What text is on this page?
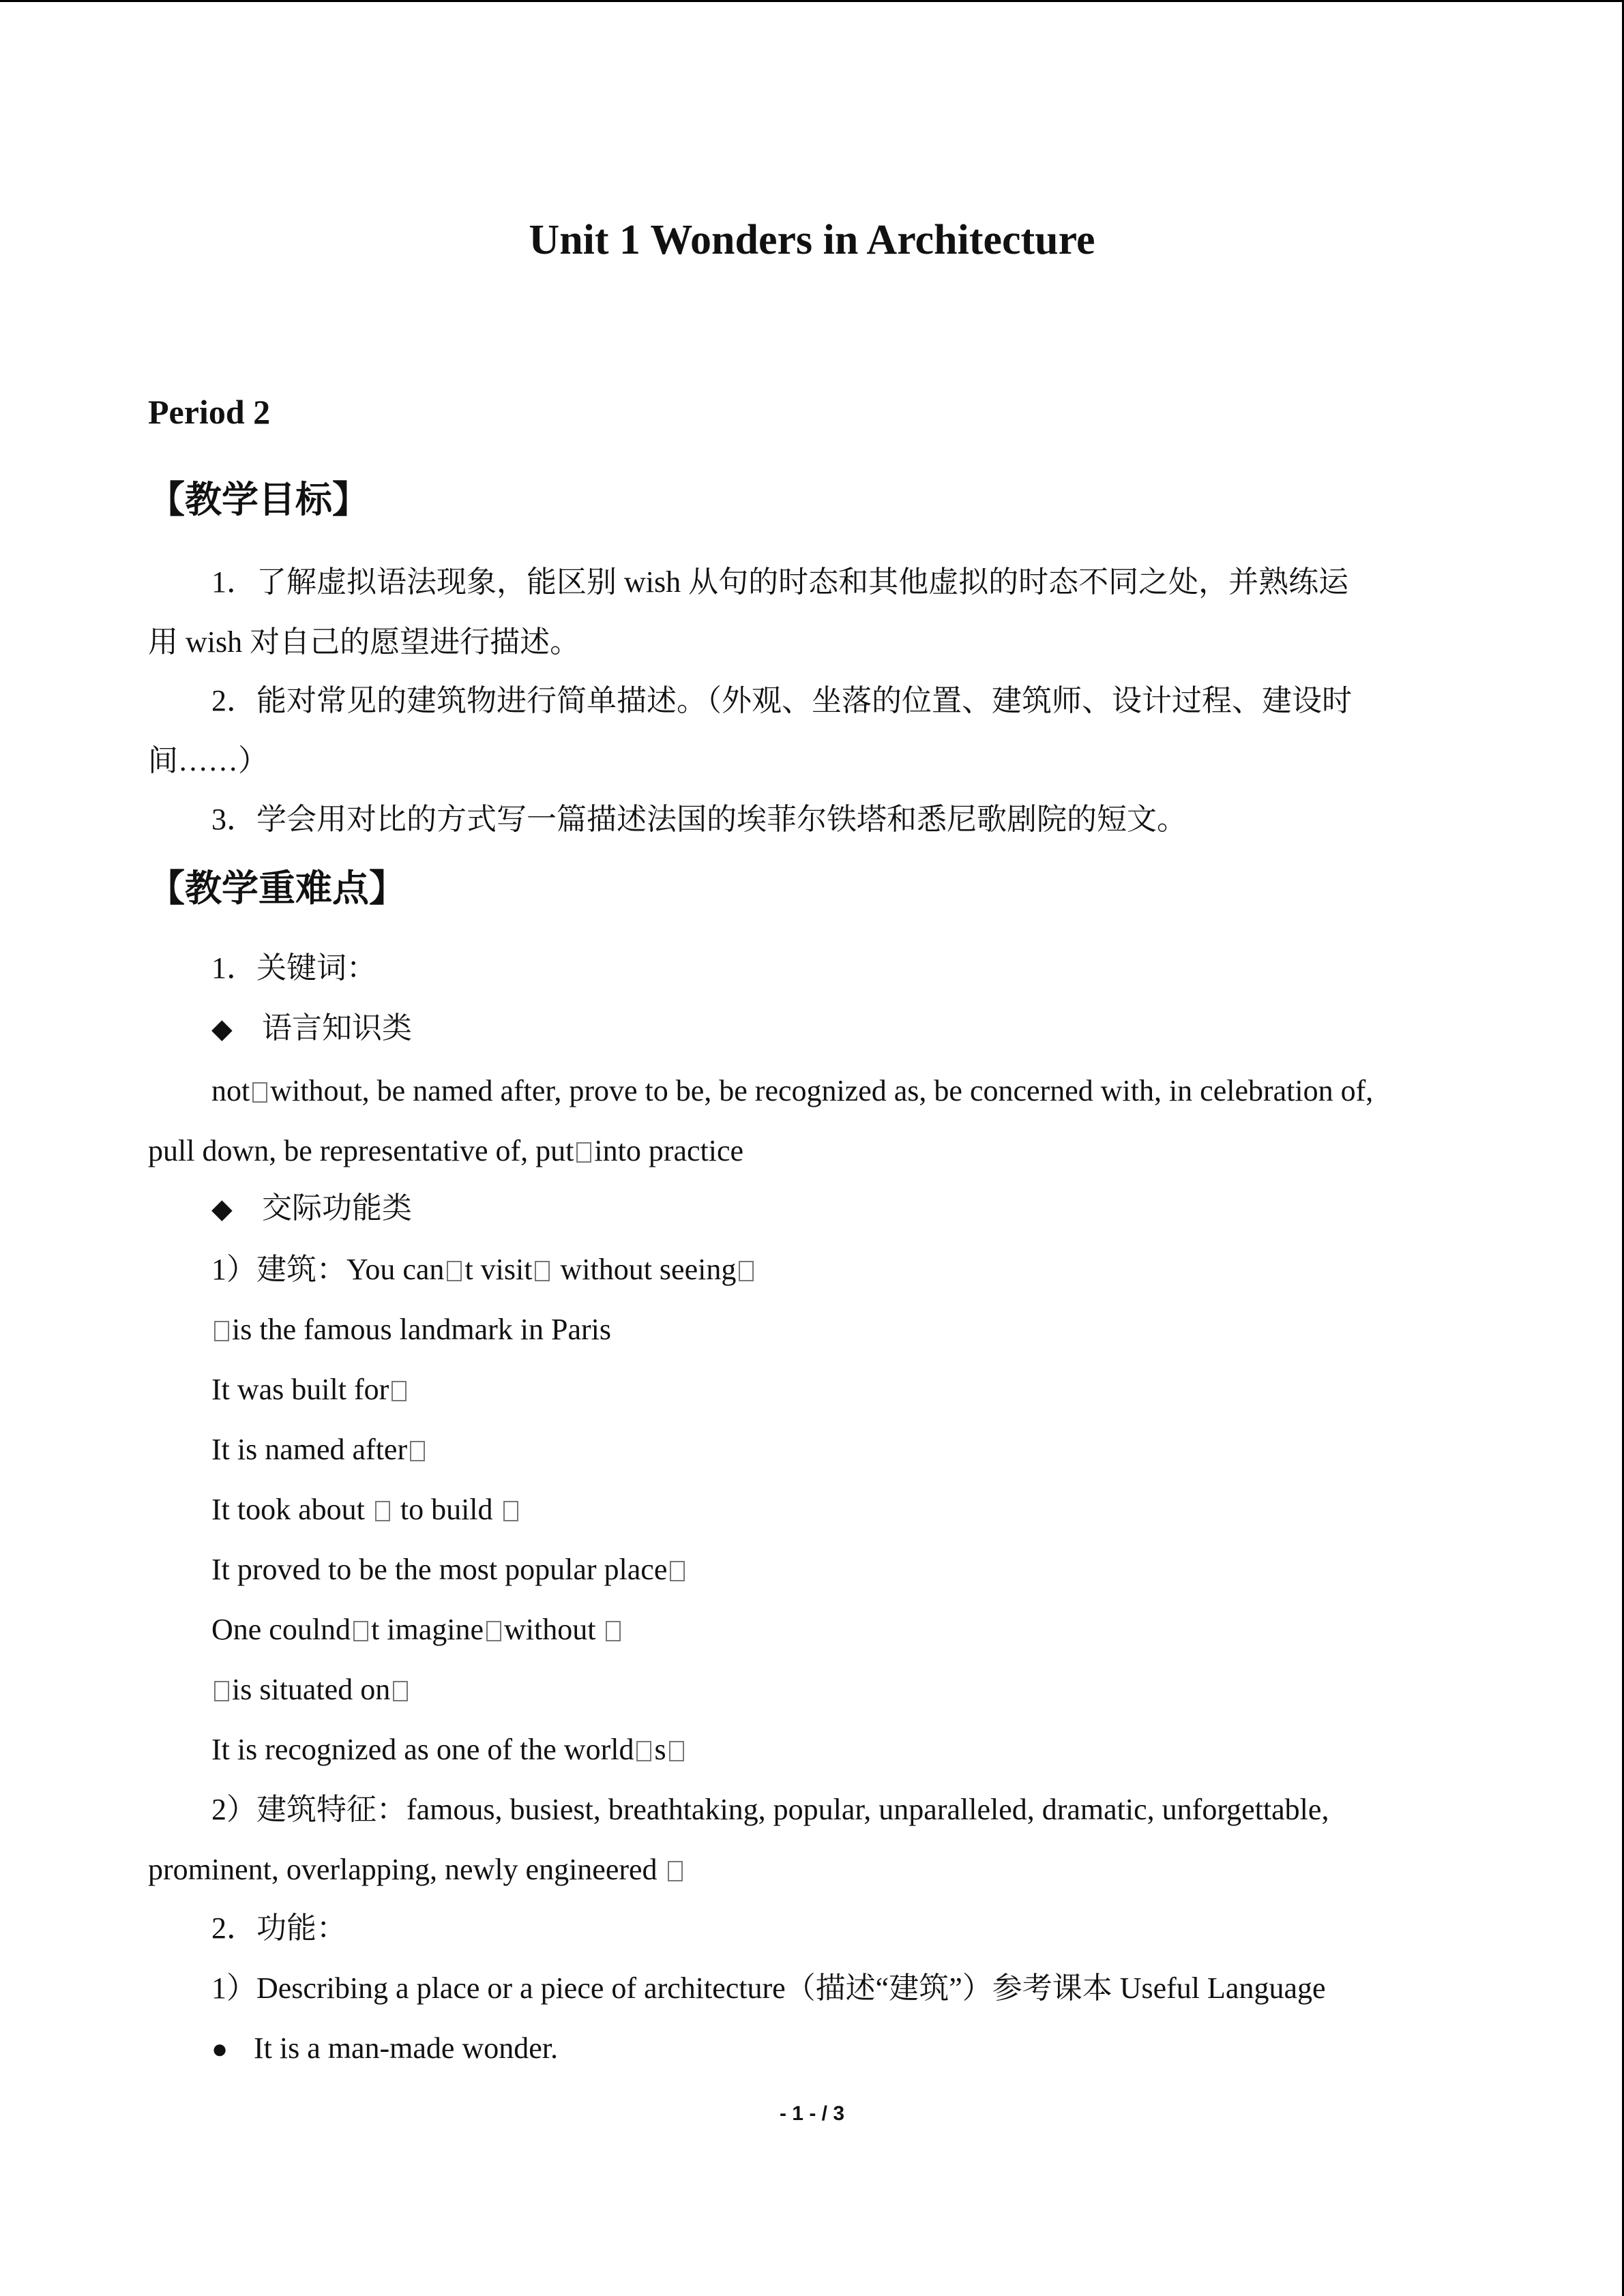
Unit 1 Wonders in Architecture
Period 2
【教学目标】
1．了解虚拟语法现象，能区别 wish 从句的时态和其他虚拟的时态不同之处，并熟练运
用 wish 对自己的愿望进行描述。
2．能对常见的建筑物进行简单描述。（外观、坐落的位置、建筑师、设计过程、建设时
间……）
3．学会用对比的方式写一篇描述法国的埃菲尔铁塔和悉尼歌剧院的短文。
【教学重难点】
1．关键词：
◆ 语言知识类
not without, be named after, prove to be, be recognized as, be concerned with, in celebration of,
pull down, be representative of, put into practice
◆ 交际功能类
1）建筑：You can t visit without seeing
is the famous landmark in Paris
It was built for
It is named after
It took about  to build
It proved to be the most popular place
One coulnd t imagine without
is situated on
It is recognized as one of the world s
2）建筑特征：famous, busiest, breathtaking, popular, unparalleled, dramatic, unforgettable,
prominent, overlapping, newly engineered
2．功能：
1）Describing a place or a piece of architecture（描述“建筑”）参考课本 Useful Language
● It is a man-made wonder.
- 1 - / 3
